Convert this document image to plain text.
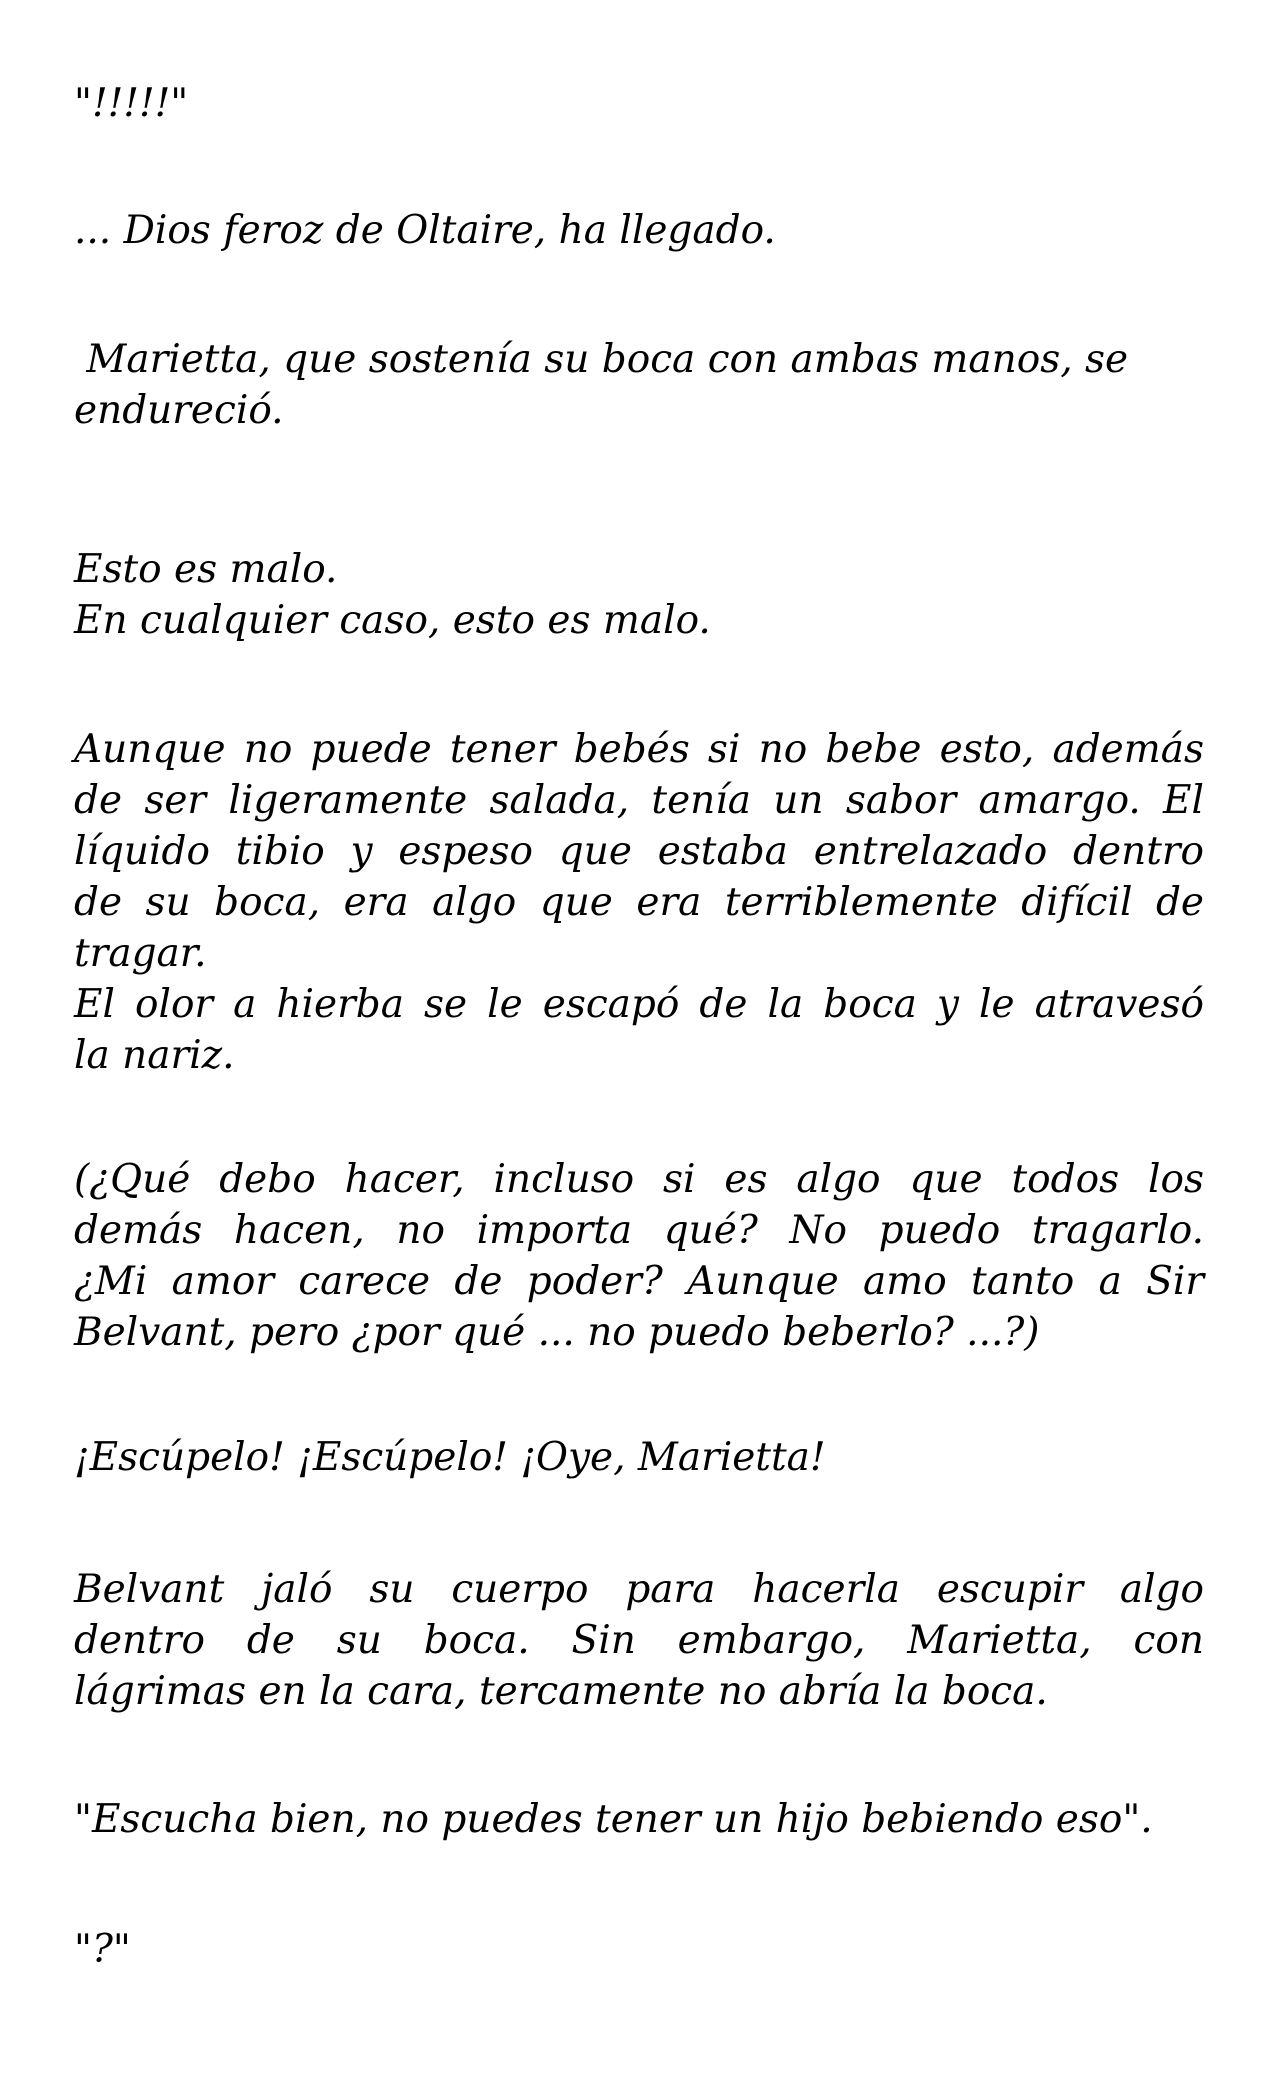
"!!!!!"

... Dios feroz de Oltaire, ha llegado.

Marietta, que sostenía su boca con ambas manos, se
endureció.

Esto es malo.
En cualquier caso, esto es malo.

Aunque no puede tener bebés si no bebe esto, además
de ser ligeramente salada, tenía un sabor amargo. El
líquido tibio y espeso que estaba entrelazado dentro
de su boca, era algo que era terriblemente difícil de
tragar.
El olor a hierba se le escapó de la boca y le atravesó
la nariz.

(¿Qué debo hacer, incluso si es algo que todos los
demás hacen, no importa qué? No puedo tragarlo.
¿Mi amor carece de poder? Aunque amo tanto a Sir
Belvant, pero ¿por qué ... no puedo beberlo? ...?)

¡Escúpelo! ¡Escúpelo! ¡Oye, Marietta!

Belvant jaló su cuerpo para hacerla escupir algo
dentro de su boca. Sin embargo, Marietta, con
lágrimas en la cara, tercamente no abría la boca.

"Escucha bien, no puedes tener un hijo bebiendo eso".

"?"
